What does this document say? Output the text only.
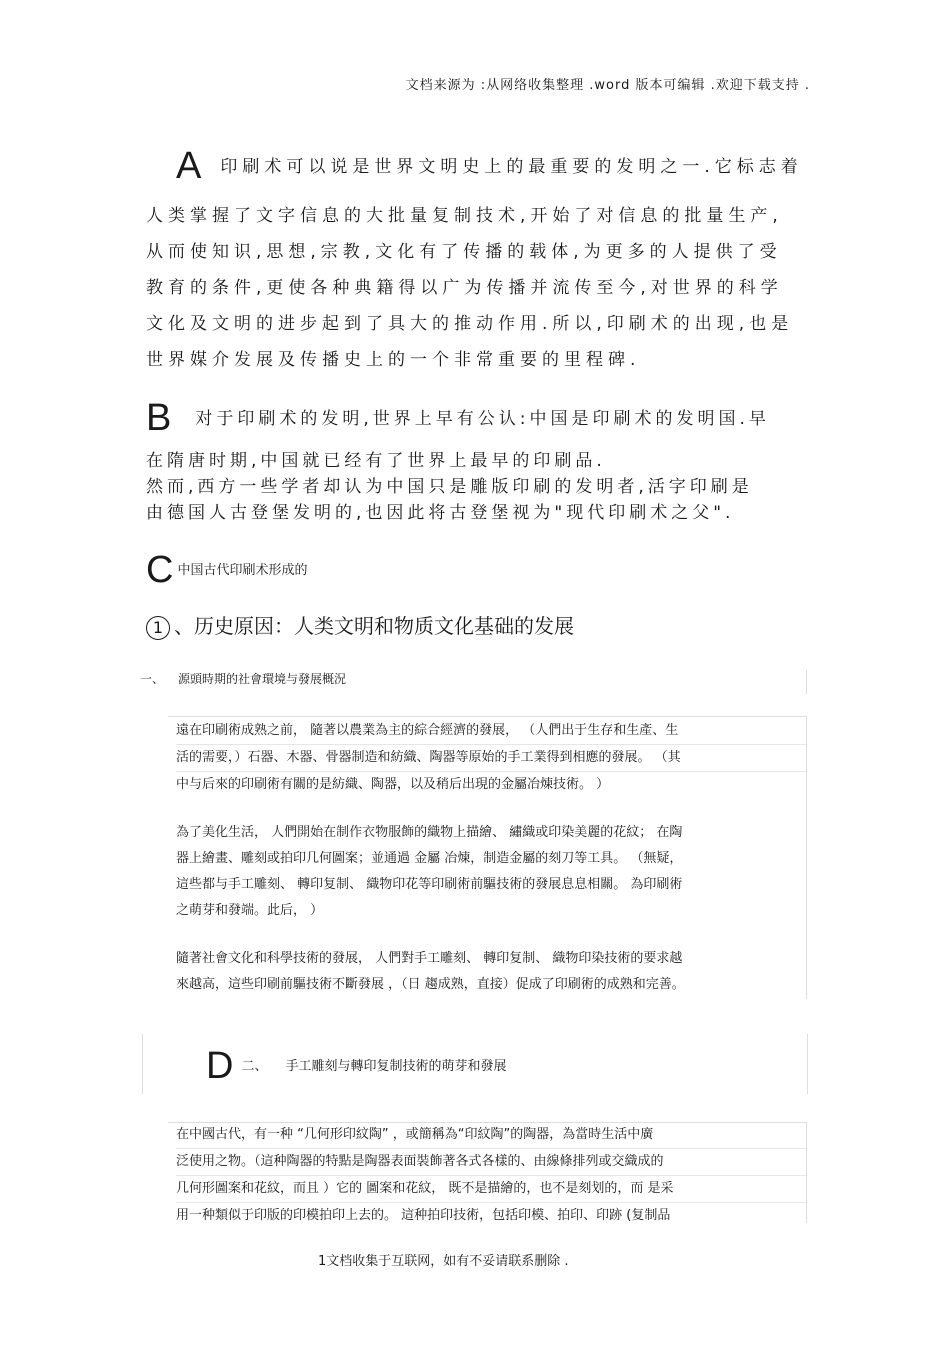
文档来源为 :从网络收集整理 .word 版本可编辑 .欢迎下载支持 .
A印刷术可以说是世界文明史上的最重要的发明之一.它标志着
人类掌握了文字信息的大批量复制技术,开始了对信息的批量生产,
从而使知识,思想,宗教,文化有了传播的载体,为更多的人提供了受
教育的条件,更使各种典籍得以广为传播并流传至今,对世界的科学
文化及文明的进步起到了具大的推动作用.所以,印刷术的出现,也是
世界媒介发展及传播史上的一个非常重要的里程碑.
B 对于印刷术的发明,世界上早有公认:中国是印刷术的发明国.早
在隋唐时期,中国就已经有了世界上最早的印刷品.
然而,西方一些学者却认为中国只是雕版印刷的发明者,活字印刷是
由德国人古登堡发明的,也因此将古登堡视为"现代印刷术之父".
C中国古代印刷术形成的
1 、历史原因：人类文明和物质文化基础的发展
一、 源頭時期的社會環境与發展概況
遠在印刷術成熟之前， 隨著以農業為主的綜合經濟的發展， （人們出于生存和生產、生
活的需要，）石器、木器、骨器制造和紡織、陶器等原始的手工業得到相應的發展。 （其
中与后來的印刷術有關的是紡織、陶器，以及稍后出現的金屬冶煉技術。 ）
為了美化生活， 人們開始在制作衣物服飾的織物上描繪、 繡織或印染美麗的花紋； 在陶
器上繪畫、雕刻或拍印几何圖案；並通過 金屬 冶煉，制造金屬的刻刀等工具。 （無疑，
這些都与手工雕刻、 轉印复制、 織物印花等印刷術前驅技術的發展息息相關。 為印刷術
之萌芽和發端。此后， ）
隨著社會文化和科學技術的發展， 人們對手工雕刻、 轉印复制、 織物印染技術的要求越
來越高，這些印刷前驅技術不斷發展 ，（日 趨成熟，直接）促成了印刷術的成熟和完善。
D二、 手工雕刻与轉印复制技術的萌芽和發展
在中國古代，有一种 “几何形印紋陶” ，或簡稱為“印紋陶”的陶器，為當時生活中廣
泛使用之物。（這种陶器的特點是陶器表面裝飾著各式各樣的、由線條排列或交織成的
几何形圖案和花紋，而且 ）它的 圖案和花紋， 既不是描繪的，也不是刻划的，而 是采
用一种類似于印版的印模拍印上去的。 這种拍印技術，包括印模、拍印、印跡 (复制品
1文档收集于互联网，如有不妥请联系删除 .
